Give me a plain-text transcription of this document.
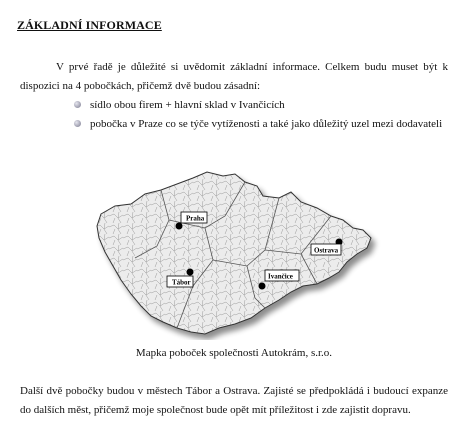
ZÁKLADNÍ INFORMACE

V prvé řadě je důležité si uvědomit základní informace. Celkem budu muset být k dispozici na 4 pobočkách, přičemž dvě budou zásadní:

sídlo obou firem + hlavní sklad v Ivančicích
pobočka v Praze co se týče vytíženosti a také jako důležitý uzel mezi dodavateli
Praha
Tábor
Ivančice
Ostrava

Mapka poboček společnosti Autokrám, s.r.o.

Další dvě pobočky budou v městech Tábor a Ostrava. Zajisté se předpokládá i budoucí expanze do dalších měst, přičemž moje společnost bude opět mít příležitost i zde zajistit dopravu.
